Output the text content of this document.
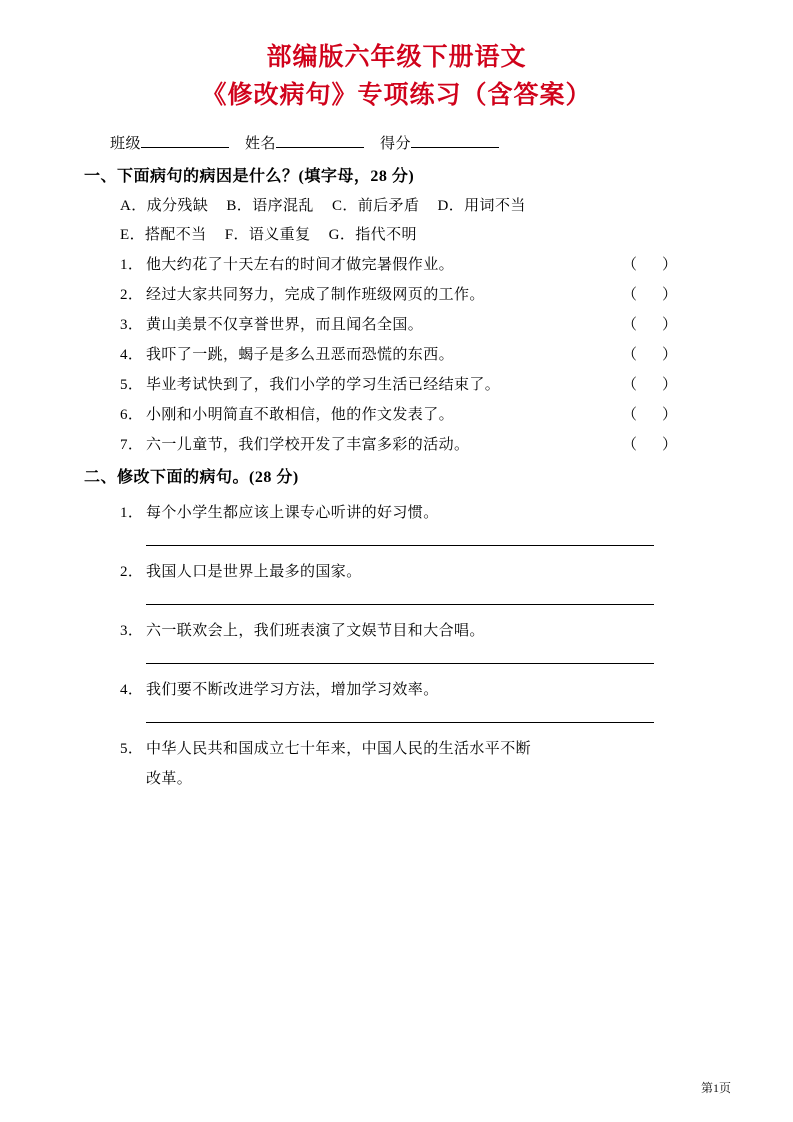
部编版六年级下册语文
《修改病句》专项练习（含答案）
班级	姓名	得分
一、下面病句的病因是什么？(填字母，28 分)
A．成分残缺 B．语序混乱 C．前后矛盾 D．用词不当
E．搭配不当 F．语义重复 G．指代不明
1． 他大约花了十天左右的时间才做完暑假作业。	（    ）
2． 经过大家共同努力，完成了制作班级网页的工作。	（    ）
3． 黄山美景不仅享誉世界，而且闻名全国。	（    ）
4． 我吓了一跳，蝎子是多么丑恶而恐慌的东西。	（    ）
5． 毕业考试快到了，我们小学的学习生活已经结束了。	（    ）
6． 小刚和小明简直不敢相信，他的作文发表了。	（    ）
7． 六一儿童节，我们学校开发了丰富多彩的活动。	（    ）
二、修改下面的病句。(28 分)
1． 每个小学生都应该上课专心听讲的好习惯。
2． 我国人口是世界上最多的国家。
3． 六一联欢会上，我们班表演了文娱节目和大合唱。
4． 我们要不断改进学习方法，增加学习效率。
5． 中华人民共和国成立七十年来，中国人民的生活水平不断
改革。
第1页
